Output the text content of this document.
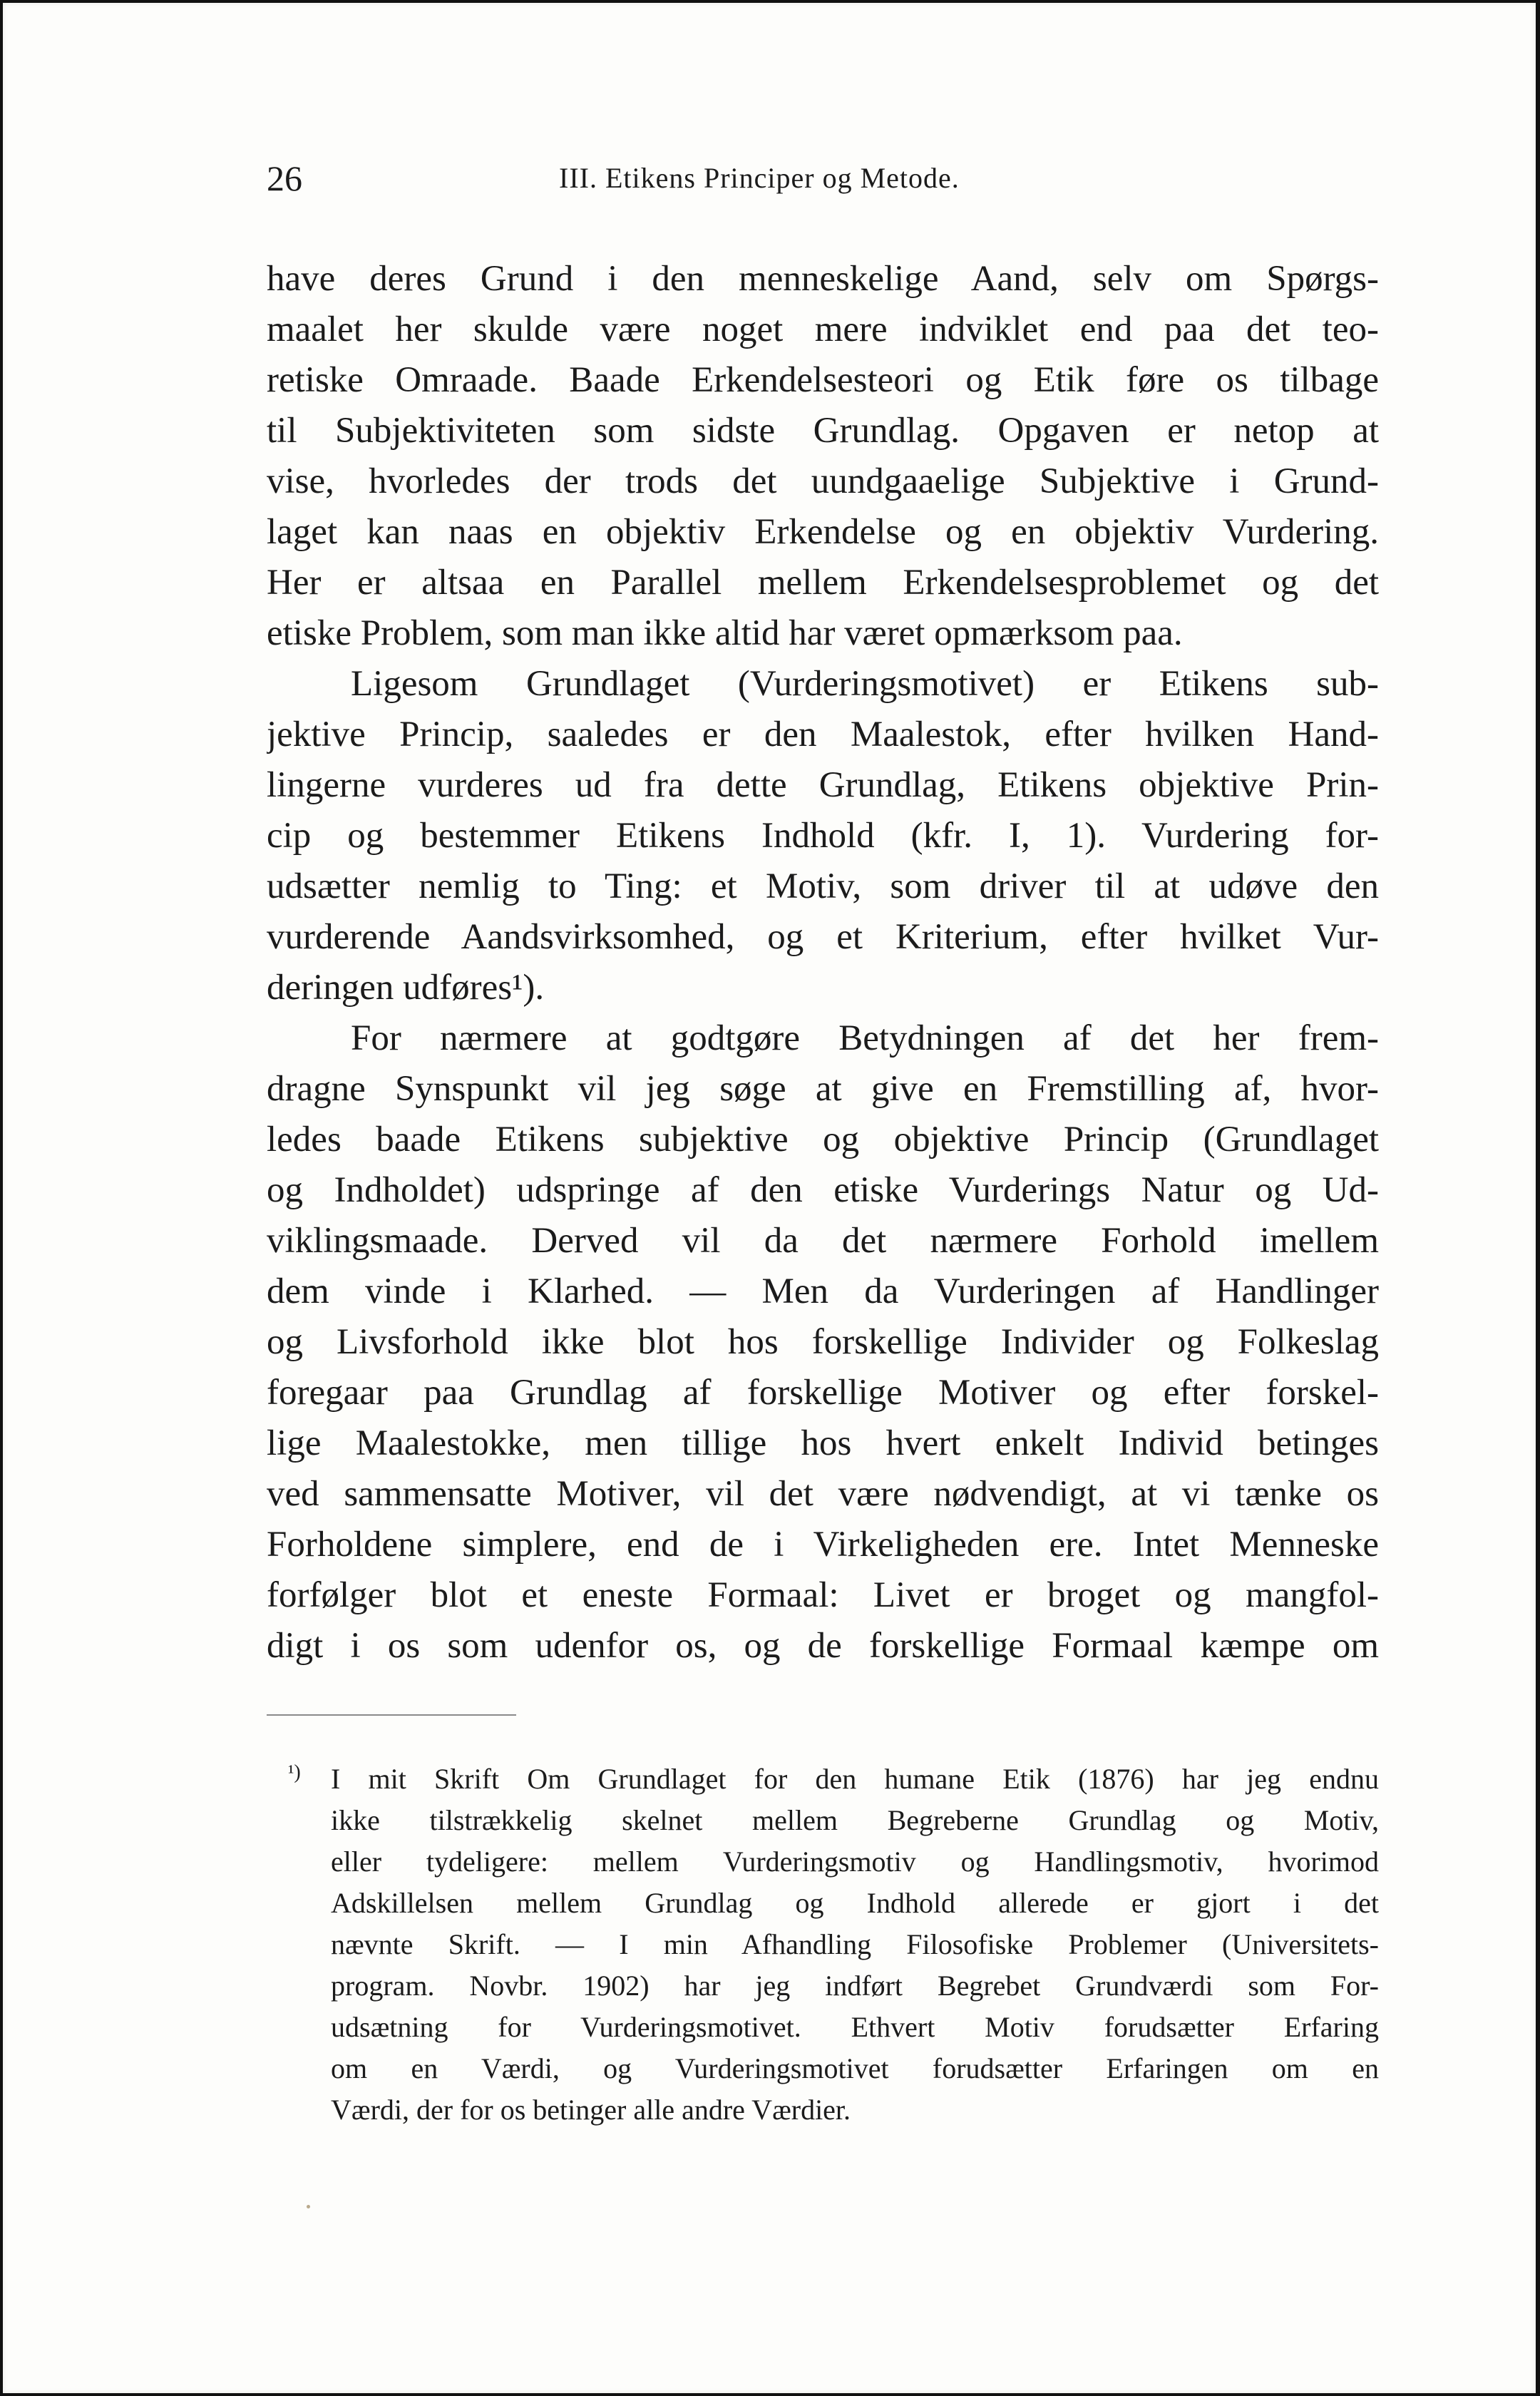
26	III. Etikens Principer og Metode.
have deres Grund i den menneskelige Aand, selv om Spørgs-
maalet her skulde være noget mere indviklet end paa det teo-
retiske Omraade. Baade Erkendelsesteori og Etik føre os tilbage
til Subjektiviteten som sidste Grundlag. Opgaven er netop at
vise, hvorledes der trods det uundgaaelige Subjektive i Grund-
laget kan naas en objektiv Erkendelse og en objektiv Vurdering.
Her er altsaa en Parallel mellem Erkendelsesproblemet og det
etiske Problem, som man ikke altid har været opmærksom paa.
Ligesom Grundlaget (Vurderingsmotivet) er Etikens sub-
jektive Princip, saaledes er den Maalestok, efter hvilken Hand-
lingerne vurderes ud fra dette Grundlag, Etikens objektive Prin-
cip og bestemmer Etikens Indhold (kfr. I, 1). Vurdering for-
udsætter nemlig to Ting: et Motiv, som driver til at udøve den
vurderende Aandsvirksomhed, og et Kriterium, efter hvilket Vur-
deringen udføres¹).
For nærmere at godtgøre Betydningen af det her frem-
dragne Synspunkt vil jeg søge at give en Fremstilling af, hvor-
ledes baade Etikens subjektive og objektive Princip (Grundlaget
og Indholdet) udspringe af den etiske Vurderings Natur og Ud-
viklingsmaade. Derved vil da det nærmere Forhold imellem
dem vinde i Klarhed. — Men da Vurderingen af Handlinger
og Livsforhold ikke blot hos forskellige Individer og Folkeslag
foregaar paa Grundlag af forskellige Motiver og efter forskel-
lige Maalestokke, men tillige hos hvert enkelt Individ betinges
ved sammensatte Motiver, vil det være nødvendigt, at vi tænke os
Forholdene simplere, end de i Virkeligheden ere. Intet Menneske
forfølger blot et eneste Formaal: Livet er broget og mangfol-
digt i os som udenfor os, og de forskellige Formaal kæmpe om
¹) I mit Skrift Om Grundlaget for den humane Etik (1876) har jeg endnu
ikke tilstrækkelig skelnet mellem Begreberne Grundlag og Motiv,
eller tydeligere: mellem Vurderingsmotiv og Handlingsmotiv, hvorimod
Adskillelsen mellem Grundlag og Indhold allerede er gjort i det
nævnte Skrift. — I min Afhandling Filosofiske Problemer (Universitets-
program. Novbr. 1902) har jeg indført Begrebet Grundværdi som For-
udsætning for Vurderingsmotivet. Ethvert Motiv forudsætter Erfaring
om en Værdi, og Vurderingsmotivet forudsætter Erfaringen om en
Værdi, der for os betinger alle andre Værdier.
